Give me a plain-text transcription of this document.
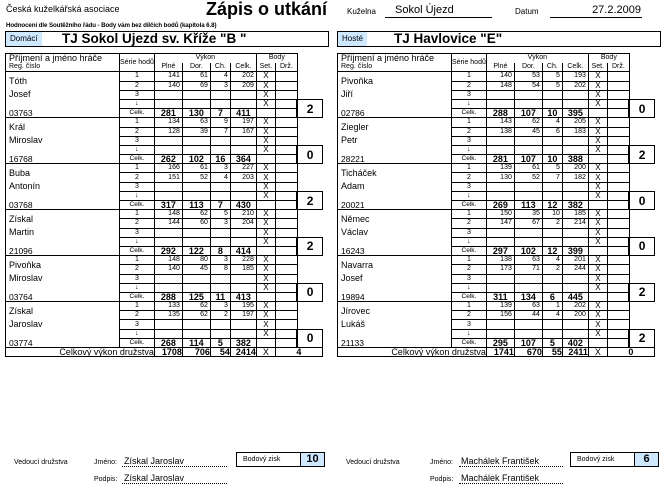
Česká kuželkářská asociace	Zápis o utkání Kuželna	Sokol Újezd	Datum	27.2.2009
Hodnocení dle Soutěžního řádu - Body vám bez dílčích bodů (kapitola 6.8)
Domácí TJ Sokol Ujezd sv. Kříže "B "	Hosté TJ Havlovice "E"
Příjmení a jméno hráče	Série hodů	Výkon				Body		
Reg. číslo		Plné	Dor.	Ch.	Celk.	Set.	Drž.	
Tóth	1	141	61	4	202	X		
	2	140	69	3	209	X		
Josef	3					X		
	↓					X		2
03763	Celk.	281	130	7	411			
Král	1	134	63	9	197	X		
	2	128	39	7	167	X		
Miroslav	3					X		
	↓					X		0
16768	Celk.	262	102	16	364			
Buba	1	166	61	3	227	X		
	2	151	52	4	203	X		
Antonín	3					X		
	↓					X		2
03768	Celk.	317	113	7	430			
Získal	1	148	62	5	210	X		
	2	144	60	3	204	X		
Martin	3					X		
	↓					X		2
21096	Celk.	292	122	8	414			
Pivoňka	1	148	80	3	228	X		
	2	140	45	8	185	X		
Miroslav	3					X		
	↓					X		0
03764	Celk.	288	125	11	413			
Získal	1	133	62	3	195	X		
	2	135	62	2	197	X		
Jaroslav	3					X		
	↓					X		0
03774	Celk.	268	114	5	382			
Celkový výkon družstva		1708	706	54	2414	X	4	
Příjmení a jméno hráče	Série hodů	Výkon				Body		
Reg. číslo		Plné	Dor.	Ch.	Celk.	Set.	Drž.	
Pivoňka	1	140	53	5	193	X		
	2	148	54	5	202	X		
Jiří	3					X		
	↓					X		0
02786	Celk.	288	107	10	395			
Ziegler	1	143	62	4	205	X		
	2	138	45	6	183	X		
Petr	3					X		
	↓					X		2
28221	Celk.	281	107	10	388			
Ticháček	1	139	61	5	200	X		
	2	130	52	7	182	X		
Adam	3					X		
	↓					X		0
20021	Celk.	269	113	12	382			
Němec	1	150	35	10	185	X		
	2	147	67	2	214	X		
Václav	3					X		
	↓					X		0
16243	Celk.	297	102	12	399			
Navarra	1	138	63	4	201	X		
	2	173	71	2	244	X		
Josef	3					X		
	↓					X		2
19894	Celk.	311	134	6	445			
Jírovec	1	139	63	1	202	X		
	2	156	44	4	200	X		
Lukáš	3					X		
	↓					X		2
21133	Celk.	295	107	5	402			
Celkový výkon družstva		1741	670	55	2411	X	0	
Vedoucí družstva	Jméno: Získal Jaroslav
Podpis: Získal Jaroslav
Bodový zisk	10	Vedoucí družstva	Jméno: Machálek František
Podpis: Machálek František
Bodový zisk	6
